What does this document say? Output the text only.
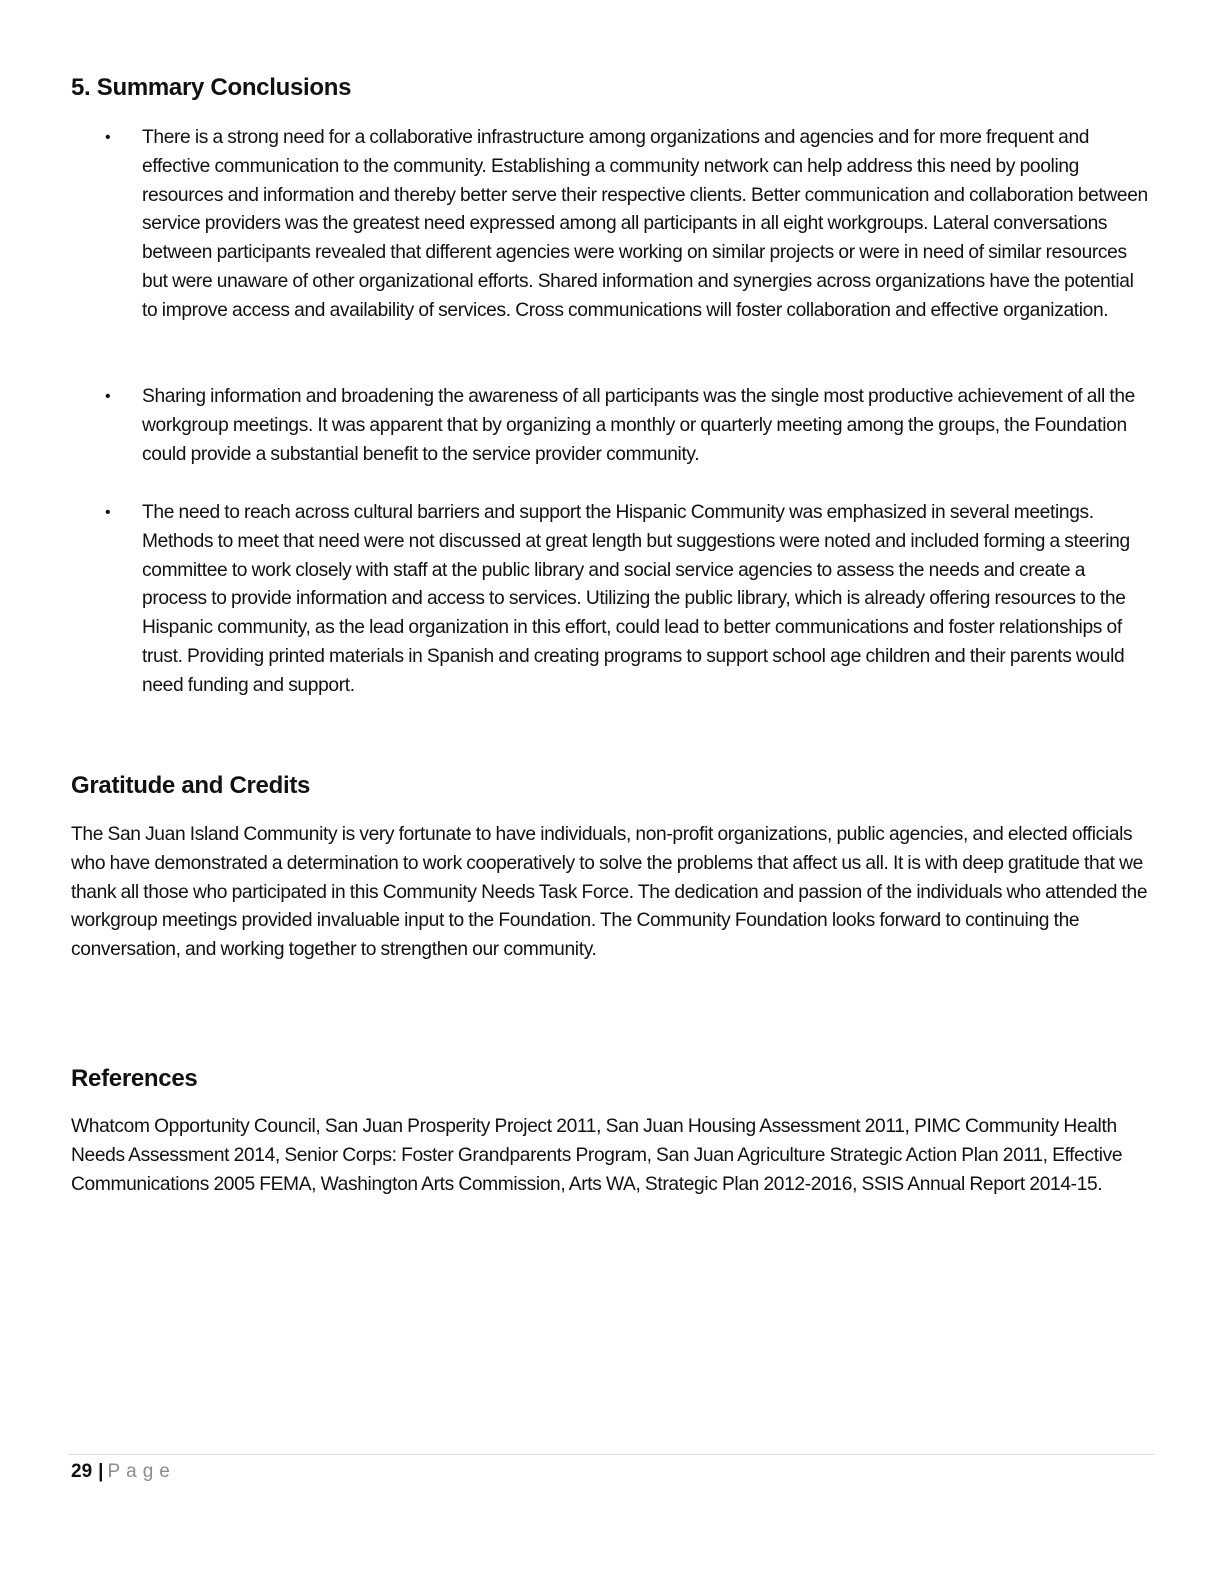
5. Summary Conclusions
• There is a strong need for a collaborative infrastructure among organizations and agencies and for more frequent and effective communication to the community. Establishing a community network can help address this need by pooling resources and information and thereby better serve their respective clients. Better communication and collaboration between service providers was the greatest need expressed among all participants in all eight workgroups. Lateral conversations between participants revealed that different agencies were working on similar projects or were in need of similar resources but were unaware of other organizational efforts. Shared information and synergies across organizations have the potential to improve access and availability of services. Cross communications will foster collaboration and effective organization.
• Sharing information and broadening the awareness of all participants was the single most productive achievement of all the workgroup meetings. It was apparent that by organizing a monthly or quarterly meeting among the groups, the Foundation could provide a substantial benefit to the service provider community.
• The need to reach across cultural barriers and support the Hispanic Community was emphasized in several meetings. Methods to meet that need were not discussed at great length but suggestions were noted and included forming a steering committee to work closely with staff at the public library and social service agencies to assess the needs and create a process to provide information and access to services. Utilizing the public library, which is already offering resources to the Hispanic community, as the lead organization in this effort, could lead to better communications and foster relationships of trust. Providing printed materials in Spanish and creating programs to support school age children and their parents would need funding and support.
Gratitude and Credits

The San Juan Island Community is very fortunate to have individuals, non-profit organizations, public agencies, and elected officials who have demonstrated a determination to work cooperatively to solve the problems that affect us all. It is with deep gratitude that we thank all those who participated in this Community Needs Task Force. The dedication and passion of the individuals who attended the workgroup meetings provided invaluable input to the Foundation. The Community Foundation looks forward to continuing the conversation, and working together to strengthen our community.

References

Whatcom Opportunity Council, San Juan Prosperity Project 2011, San Juan Housing Assessment 2011, PIMC Community Health Needs Assessment 2014, Senior Corps: Foster Grandparents Program, San Juan Agriculture Strategic Action Plan 2011, Effective Communications 2005 FEMA, Washington Arts Commission, Arts WA, Strategic Plan 2012-2016, SSIS Annual Report 2014-15.

29 | Page
